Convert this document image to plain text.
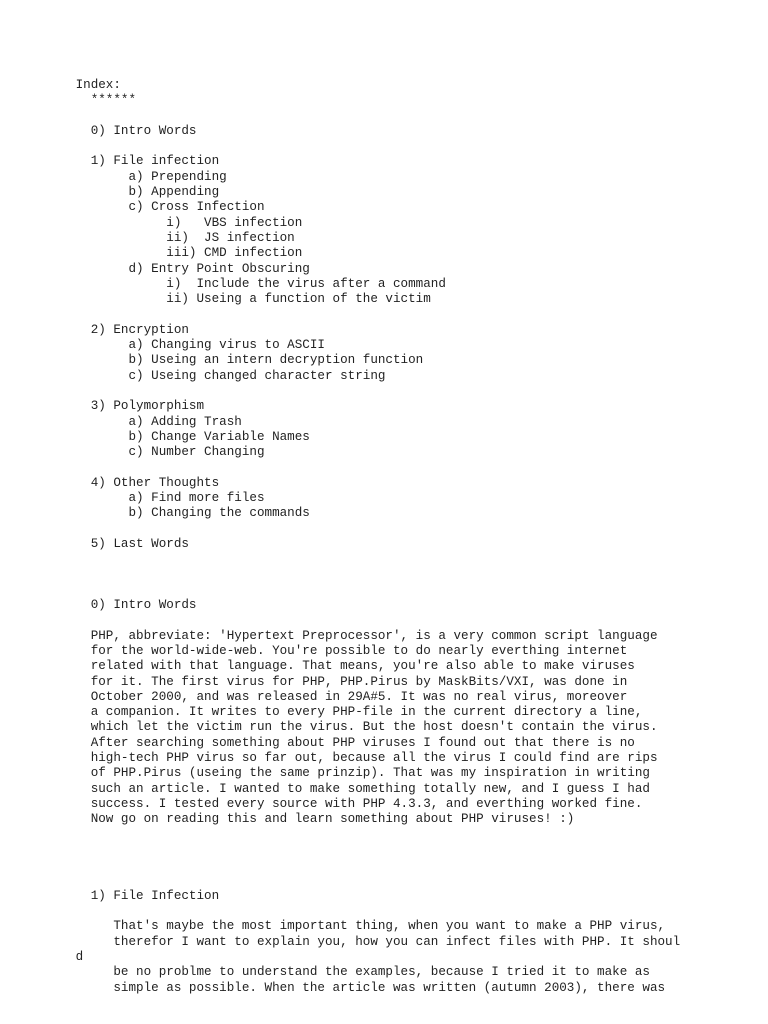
Index:
******
0) Intro Words
1) File infection
a) Prepending
b) Appending
c) Cross Infection
i)   VBS infection
ii)  JS infection
iii) CMD infection
d) Entry Point Obscuring
i)  Include the virus after a command
ii) Useing a function of the victim
2) Encryption
a) Changing virus to ASCII
b) Useing an intern decryption function
c) Useing changed character string
3) Polymorphism
a) Adding Trash
b) Change Variable Names
c) Number Changing
4) Other Thoughts
a) Find more files
b) Changing the commands
5) Last Words
0) Intro Words
PHP, abbreviate: 'Hypertext Preprocessor', is a very common script language
for the world-wide-web. You're possible to do nearly everthing internet
related with that language. That means, you're also able to make viruses
for it. The first virus for PHP, PHP.Pirus by MaskBits/VXI, was done in
October 2000, and was released in 29A#5. It was no real virus, moreover
a companion. It writes to every PHP-file in the current directory a line,
which let the victim run the virus. But the host doesn't contain the virus.
After searching something about PHP viruses I found out that there is no
high-tech PHP virus so far out, because all the virus I could find are rips
of PHP.Pirus (useing the same prinzip). That was my inspiration in writing
such an article. I wanted to make something totally new, and I guess I had
success. I tested every source with PHP 4.3.3, and everthing worked fine.
Now go on reading this and learn something about PHP viruses! :)
1) File Infection
That's maybe the most important thing, when you want to make a PHP virus,
therefor I want to explain you, how you can infect files with PHP. It shoul
d
be no problme to understand the examples, because I tried it to make as
simple as possible. When the article was written (autumn 2003), there was
